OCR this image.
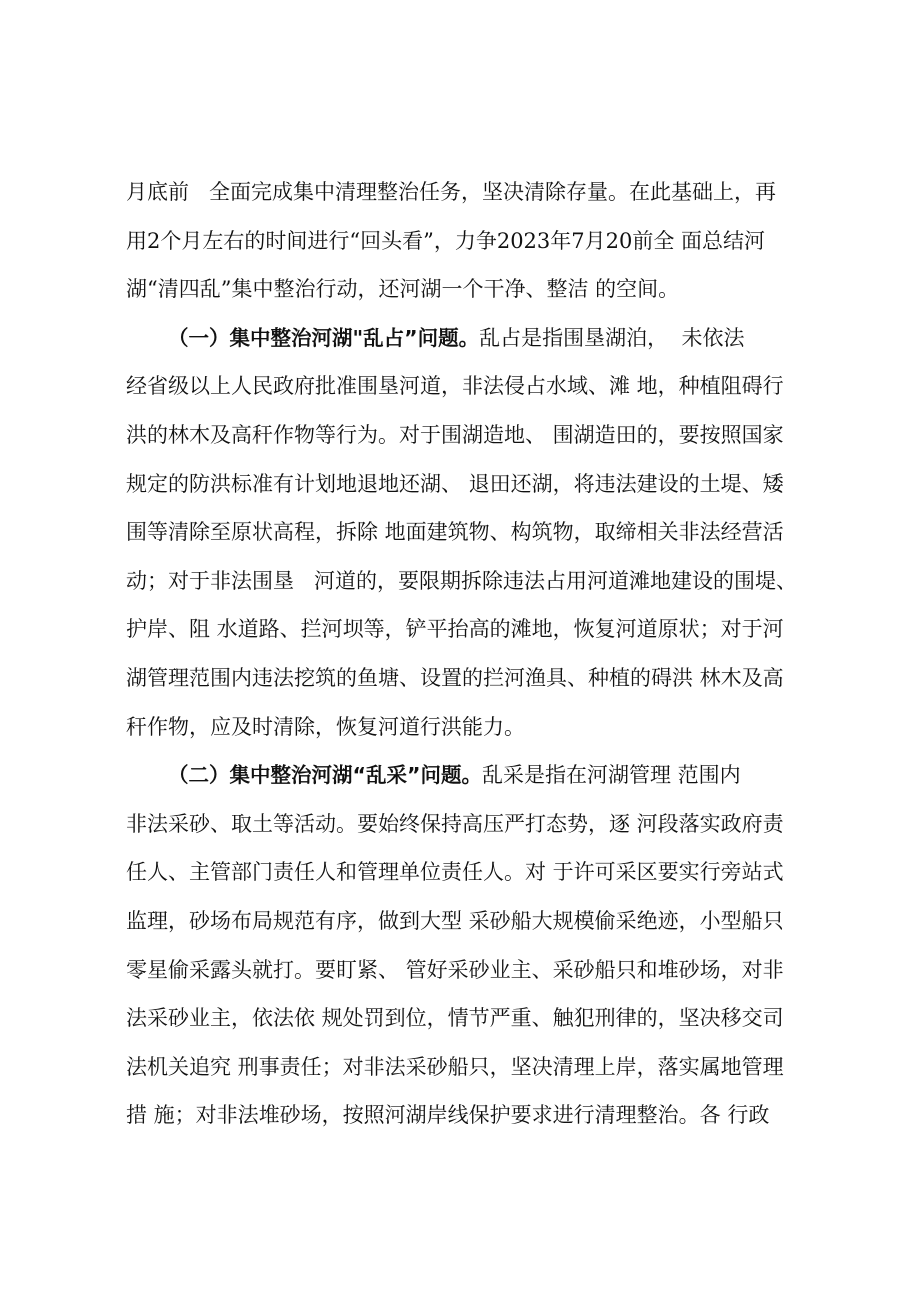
月底前   全面完成集中清理整治任务，坚决清除存量。在此基础上，再
用2个月左右的时间进行“回头看”，力争2023年7月20前全 面总结河
湖“清四乱”集中整治行动，还河湖一个干净、整洁 的空间。
（一）集中整治河湖"乱占”问题。乱占是指围垦湖泊，  未依法
经省级以上人民政府批准围垦河道，非法侵占水域、滩 地，种植阻碍行
洪的林木及高秆作物等行为。对于围湖造地、 围湖造田的，要按照国家
规定的防洪标准有计划地退地还湖、 退田还湖，将违法建设的土堤、矮
围等清除至原状高程，拆除 地面建筑物、构筑物，取缔相关非法经营活
动；对于非法围垦   河道的，要限期拆除违法占用河道滩地建设的围堤、
护岸、阻 水道路、拦河坝等，铲平抬高的滩地，恢复河道原状；对于河
湖管理范围内违法挖筑的鱼塘、设置的拦河渔具、种植的碍洪 林木及高
秆作物，应及时清除，恢复河道行洪能力。
（二）集中整治河湖“乱采”问题。乱采是指在河湖管理 范围内
非法采砂、取土等活动。要始终保持高压严打态势，逐 河段落实政府责
任人、主管部门责任人和管理单位责任人。对 于许可采区要实行旁站式
监理，砂场布局规范有序，做到大型 采砂船大规模偷采绝迹，小型船只
零星偷采露头就打。要盯紧、 管好采砂业主、采砂船只和堆砂场，对非
法采砂业主，依法依 规处罚到位，情节严重、触犯刑律的，坚决移交司
法机关追究 刑事责任；对非法采砂船只，坚决清理上岸，落实属地管理
措 施；对非法堆砂场，按照河湖岸线保护要求进行清理整治。各 行政
